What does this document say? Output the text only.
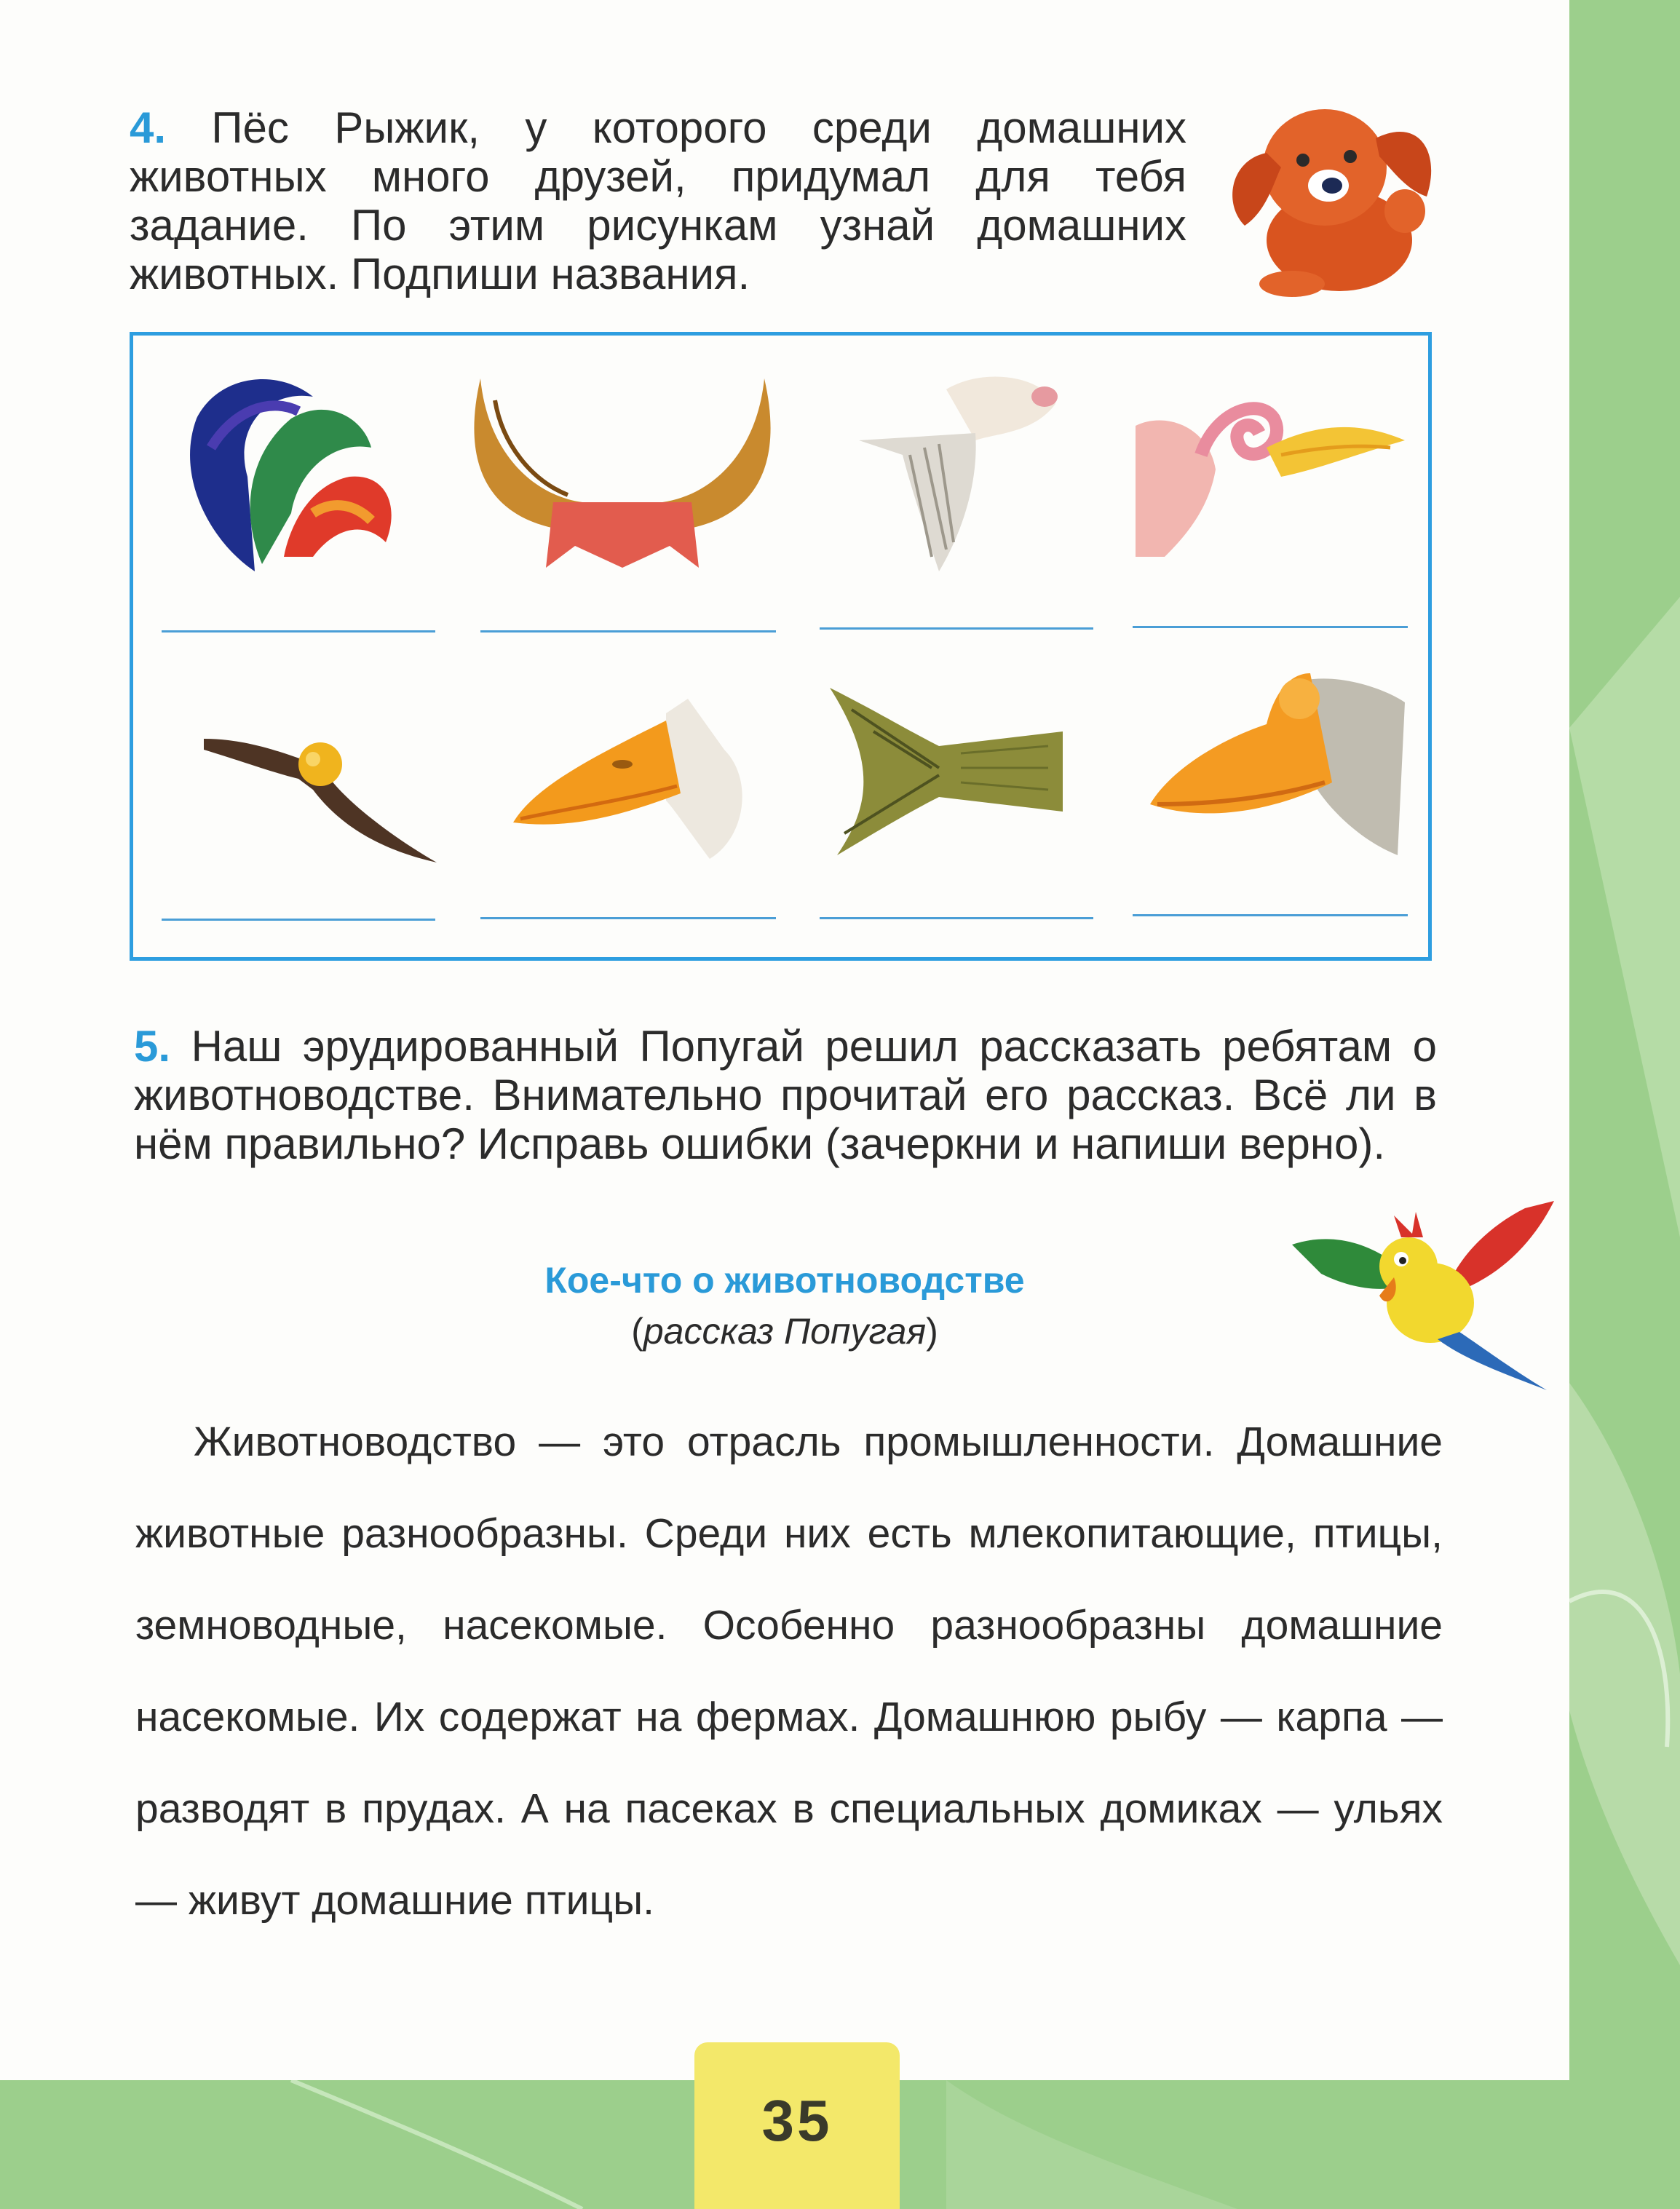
4. Пёс Рыжик, у которого среди домашних животных много друзей, придумал для тебя задание. По этим рисункам узнай домашних животных. Подпиши названия.

5. Наш эрудированный Попугай решил рассказать ребятам о животноводстве. Внимательно прочитай его рассказ. Всё ли в нём правильно? Исправь ошибки (зачеркни и напиши верно).

Кое-что о животноводстве
(рассказ Попугая)

Животноводство — это отрасль промышленности. Домашние животные разнообразны. Среди них есть млекопитающие, птицы, земноводные, насекомые. Особенно разнообразны домашние насекомые. Их содержат на фермах. Домашнюю рыбу — карпа — разводят в прудах. А на пасеках в специальных домиках — ульях — живут домашние птицы.

35
